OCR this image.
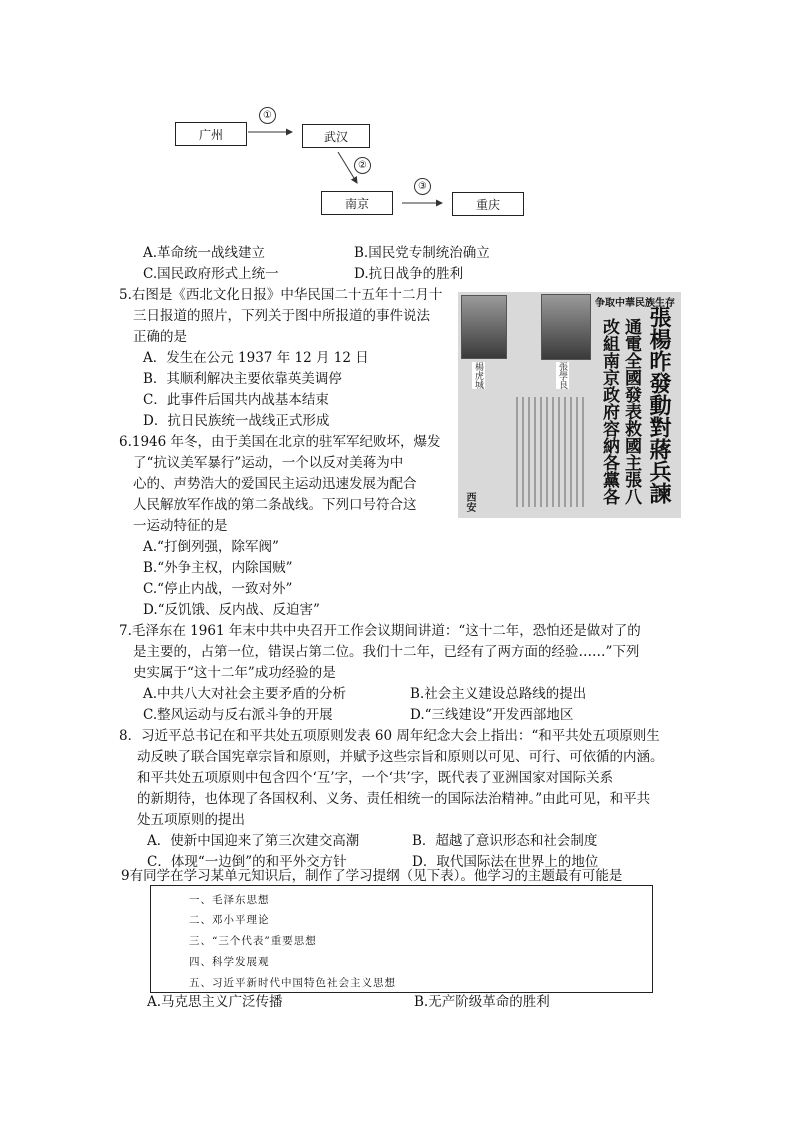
广州	武汉
南京	重庆
①
②
③
A.革命统一战线建立	B.国民党专制统治确立
C.国民政府形式上统一	D.抗日战争的胜利
5.右图是《西北文化日报》中华民国二十五年十二月十
三日报道的照片，下列关于图中所报道的事件说法
正确的是
A．发生在公元 1937 年 12 月 12 日
B．其顺利解决主要依靠英美调停
C．此事件后国共内战基本结束
D．抗日民族统一战线正式形成
争取中華民族生存
楊虎城	張學良	張楊昨發動對蔣兵諫
通電全國發表救國主張八
改組南京政府容納各黨各
西安
6.1946 年冬，由于美国在北京的驻军军纪败坏，爆发
了“抗议美军暴行”运动，一个以反对美蒋为中
心的、声势浩大的爱国民主运动迅速发展为配合
人民解放军作战的第二条战线。下列口号符合这
一运动特征的是
A.“打倒列强，除军阀”
B.“外争主权，内除国贼”
C.“停止内战，一致对外”
D.“反饥饿、反内战、反迫害”
7.毛泽东在 1961 年末中共中央召开工作会议期间讲道：“这十二年，恐怕还是做对了的
是主要的，占第一位，错误占第二位。我们十二年，已经有了两方面的经验……”下列
史实属于“这十二年”成功经验的是
A.中共八大对社会主要矛盾的分析	B.社会主义建设总路线的提出
C.整风运动与反右派斗争的开展	D.“三线建设”开发西部地区
8．习近平总书记在和平共处五项原则发表 60 周年纪念大会上指出：“和平共处五项原则生
动反映了联合国宪章宗旨和原则，并赋予这些宗旨和原则以可见、可行、可依循的内涵。
和平共处五项原则中包含四个‘互’字，一个‘共’字，既代表了亚洲国家对国际关系
的新期待，也体现了各国权利、义务、责任相统一的国际法治精神。”由此可见，和平共
处五项原则的提出
A．使新中国迎来了第三次建交高潮	B．超越了意识形态和社会制度
C．体现“一边倒”的和平外交方针	D．取代国际法在世界上的地位
9有同学在学习某单元知识后，制作了学习提纲（见下表）。他学习的主题最有可能是
一、毛泽东思想
二、邓小平理论
三、“三个代表”重要思想
四、科学发展观
五、习近平新时代中国特色社会主义思想
A.马克思主义广泛传播	B.无产阶级革命的胜利
